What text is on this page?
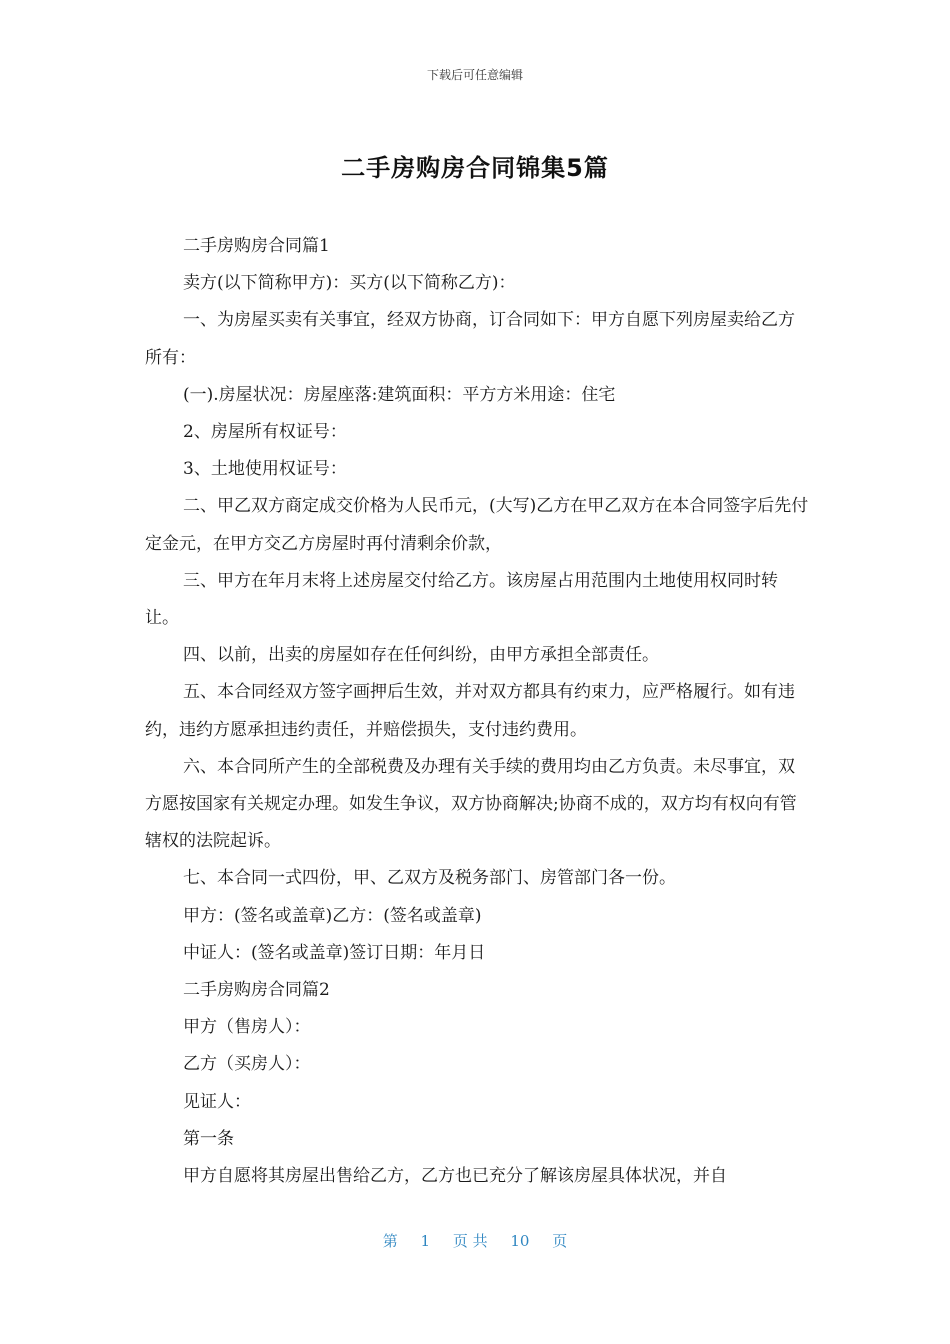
下载后可任意编辑
二手房购房合同锦集5篇

二手房购房合同篇1

卖方(以下简称甲方)：买方(以下简称乙方)：

一、为房屋买卖有关事宜，经双方协商，订合同如下：甲方自愿下列房屋卖给乙方所有：

(一).房屋状况：房屋座落:建筑面积：平方方米用途：住宅

2、房屋所有权证号：

3、土地使用权证号：

二、甲乙双方商定成交价格为人民币元，(大写)乙方在甲乙双方在本合同签字后先付定金元，在甲方交乙方房屋时再付清剩余价款，

三、甲方在年月末将上述房屋交付给乙方。该房屋占用范围内土地使用权同时转让。

四、以前，出卖的房屋如存在任何纠纷，由甲方承担全部责任。

五、本合同经双方签字画押后生效，并对双方都具有约束力，应严格履行。如有违约，违约方愿承担违约责任，并赔偿损失，支付违约费用。

六、本合同所产生的全部税费及办理有关手续的费用均由乙方负责。未尽事宜，双方愿按国家有关规定办理。如发生争议，双方协商解决;协商不成的，双方均有权向有管辖权的法院起诉。

七、本合同一式四份，甲、乙双方及税务部门、房管部门各一份。

甲方：(签名或盖章)乙方：(签名或盖章)

中证人：(签名或盖章)签订日期：年月日

二手房购房合同篇2

甲方（售房人）：

乙方（买房人）：

见证人：

第一条

甲方自愿将其房屋出售给乙方，乙方也已充分了解该房屋具体状况，并自

第 1 页 共 10 页
